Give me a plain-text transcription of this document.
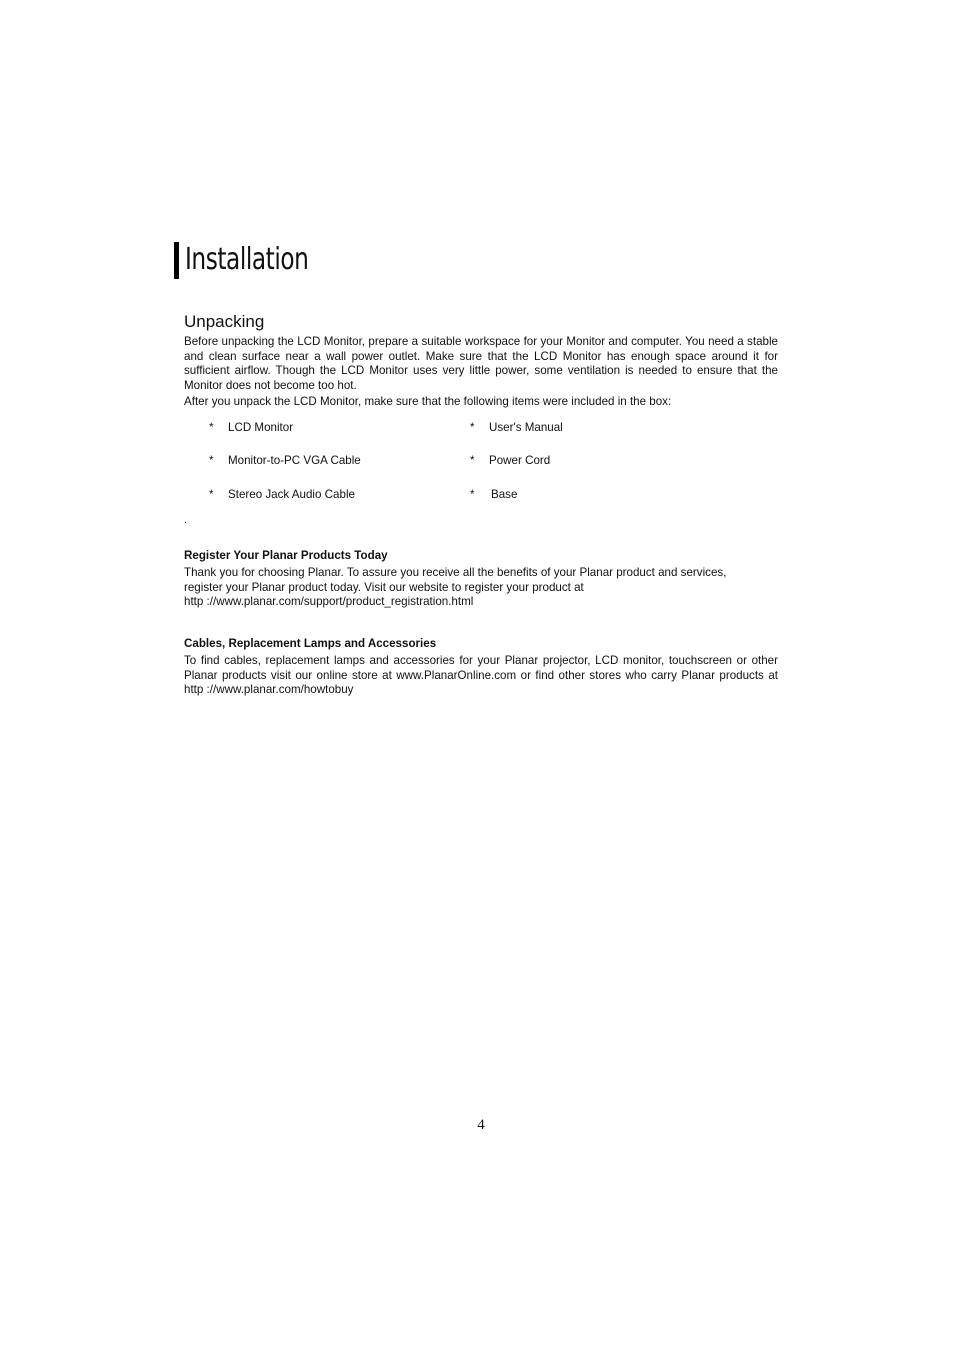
Installation
Unpacking

Before unpacking the LCD Monitor, prepare a suitable workspace for your Monitor and computer. You need a stable and clean surface near a wall power outlet. Make sure that the LCD Monitor has enough space around it for sufficient airflow. Though the LCD Monitor uses very little power, some ventilation is needed to ensure that the Monitor does not become too hot.

After you unpack the LCD Monitor, make sure that the following items were included in the box:

* LCD Monitor	* User's Manual
* Monitor-to-PC VGA Cable	* Power Cord
* Stereo Jack Audio Cable	* Base
.
Register Your Planar Products Today

Thank you for choosing Planar. To assure you receive all the benefits of your Planar product and services,
register your Planar product today. Visit our website to register your product at
http ://www.planar.com/support/product_registration.html

Cables, Replacement Lamps and Accessories

To find cables, replacement lamps and accessories for your Planar projector, LCD monitor, touchscreen or other Planar products visit our online store at www.PlanarOnline.com or find other stores who carry Planar products at http ://www.planar.com/howtobuy

4
